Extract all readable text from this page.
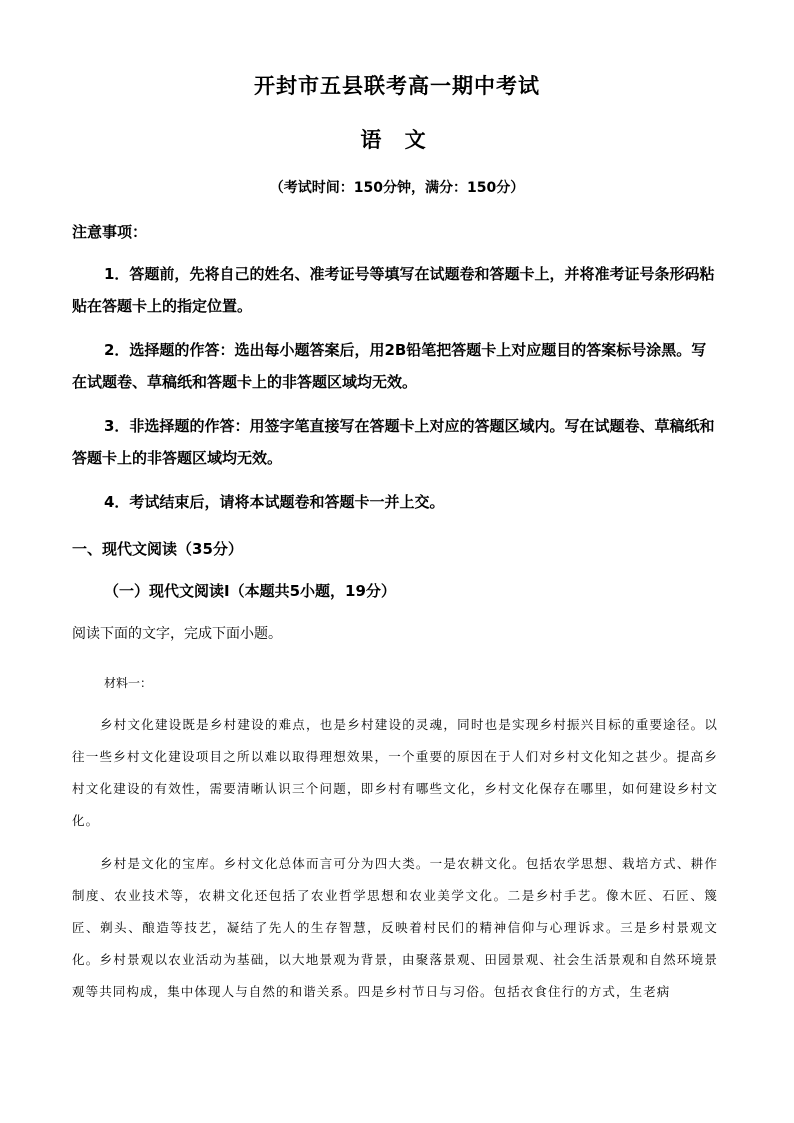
开封市五县联考高一期中考试
语 文
（考试时间：150分钟，满分：150分）
注意事项：
1．答题前，先将自己的姓名、准考证号等填写在试题卷和答题卡上，并将准考证号条形码粘贴在答题卡上的指定位置。
2．选择题的作答：选出每小题答案后，用2B铅笔把答题卡上对应题目的答案标号涂黑。写在试题卷、草稿纸和答题卡上的非答题区域均无效。
3．非选择题的作答：用签字笔直接写在答题卡上对应的答题区域内。写在试题卷、草稿纸和答题卡上的非答题区域均无效。
4．考试结束后，请将本试题卷和答题卡一并上交。
一、现代文阅读（35分）
（一）现代文阅读Ⅰ（本题共5小题，19分）
阅读下面的文字，完成下面小题。
材料一：
乡村文化建设既是乡村建设的难点，也是乡村建设的灵魂，同时也是实现乡村振兴目标的重要途径。以往一些乡村文化建设项目之所以难以取得理想效果，一个重要的原因在于人们对乡村文化知之甚少。提高乡村文化建设的有效性，需要清晰认识三个问题，即乡村有哪些文化，乡村文化保存在哪里，如何建设乡村文化。
乡村是文化的宝库。乡村文化总体而言可分为四大类。一是农耕文化。包括农学思想、栽培方式、耕作制度、农业技术等，农耕文化还包括了农业哲学思想和农业美学文化。二是乡村手艺。像木匠、石匠、篾匠、剃头、酿造等技艺，凝结了先人的生存智慧，反映着村民们的精神信仰与心理诉求。三是乡村景观文化。乡村景观以农业活动为基础，以大地景观为背景，由聚落景观、田园景观、社会生活景观和自然环境景观等共同构成，集中体现人与自然的和谐关系。四是乡村节日与习俗。包括衣食住行的方式，生老病
